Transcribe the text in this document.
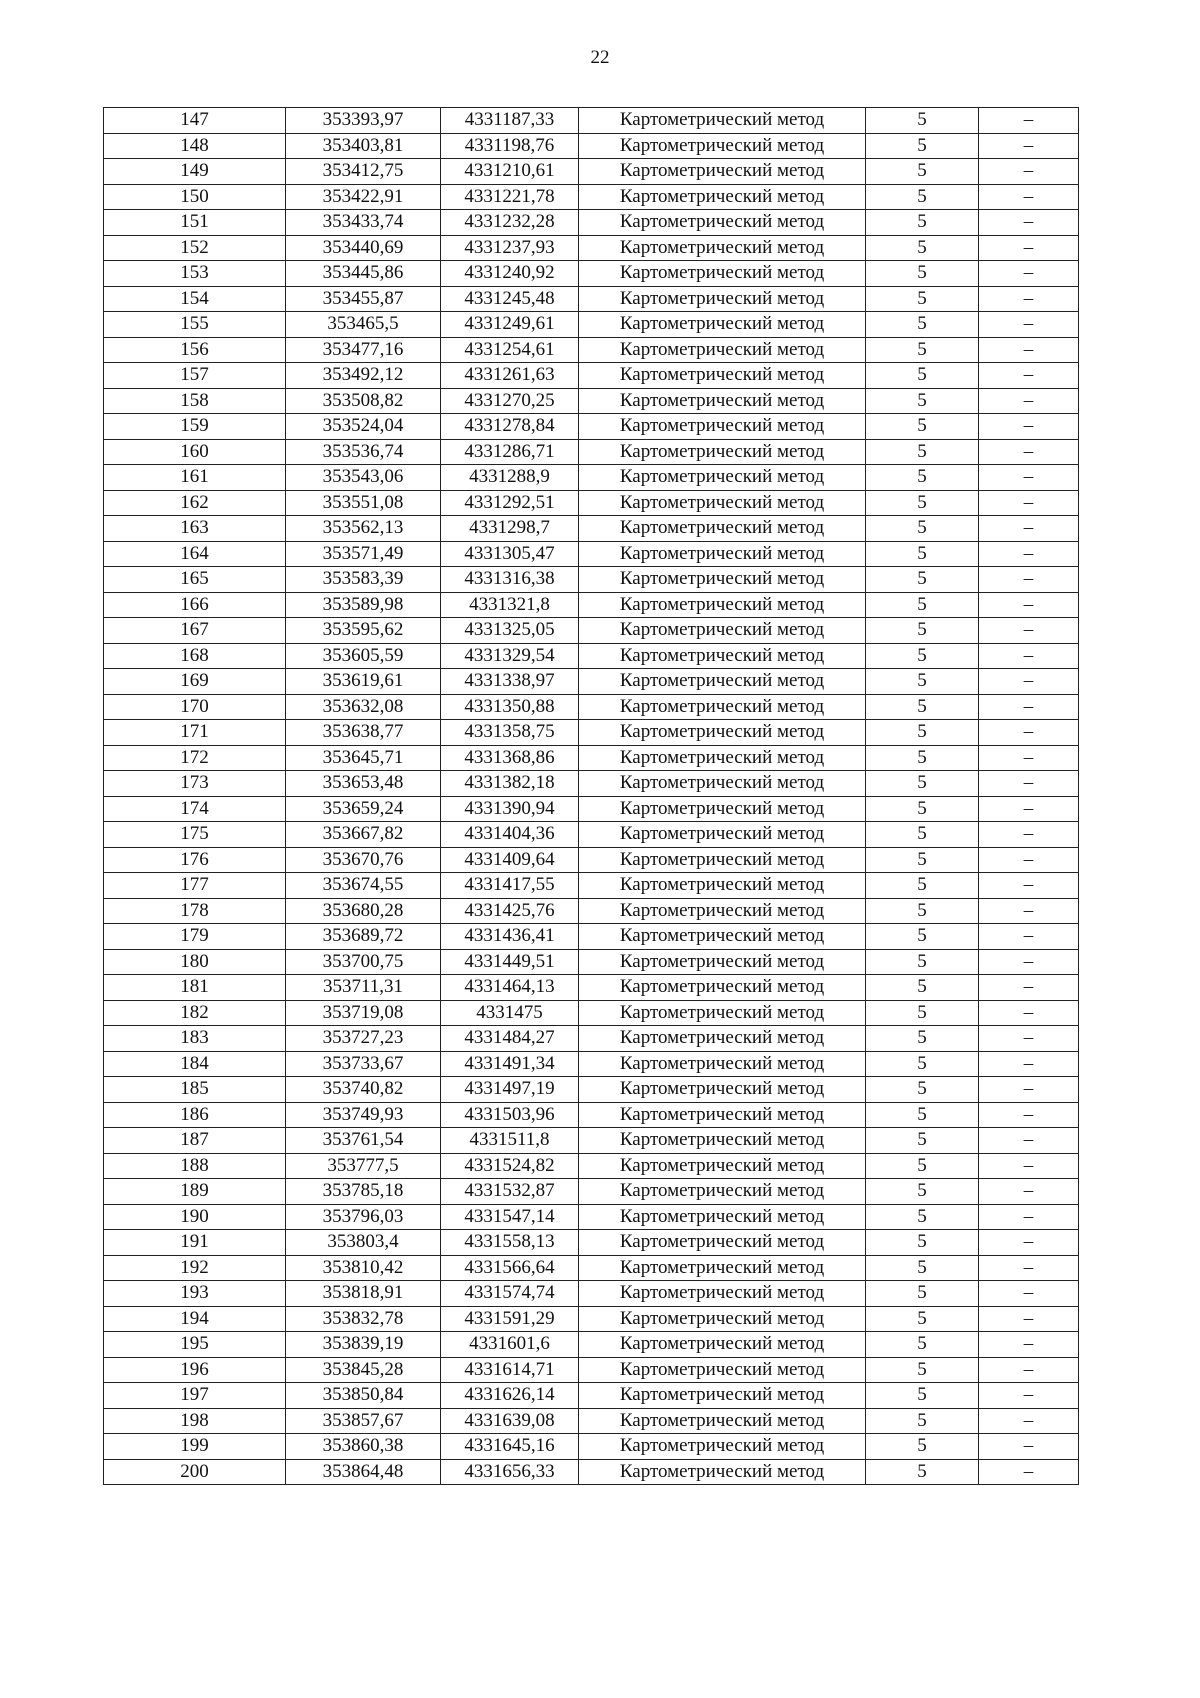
22
147	353393,97	4331187,33	Картометрический метод	5	–
148	353403,81	4331198,76	Картометрический метод	5	–
149	353412,75	4331210,61	Картометрический метод	5	–
150	353422,91	4331221,78	Картометрический метод	5	–
151	353433,74	4331232,28	Картометрический метод	5	–
152	353440,69	4331237,93	Картометрический метод	5	–
153	353445,86	4331240,92	Картометрический метод	5	–
154	353455,87	4331245,48	Картометрический метод	5	–
155	353465,5	4331249,61	Картометрический метод	5	–
156	353477,16	4331254,61	Картометрический метод	5	–
157	353492,12	4331261,63	Картометрический метод	5	–
158	353508,82	4331270,25	Картометрический метод	5	–
159	353524,04	4331278,84	Картометрический метод	5	–
160	353536,74	4331286,71	Картометрический метод	5	–
161	353543,06	4331288,9	Картометрический метод	5	–
162	353551,08	4331292,51	Картометрический метод	5	–
163	353562,13	4331298,7	Картометрический метод	5	–
164	353571,49	4331305,47	Картометрический метод	5	–
165	353583,39	4331316,38	Картометрический метод	5	–
166	353589,98	4331321,8	Картометрический метод	5	–
167	353595,62	4331325,05	Картометрический метод	5	–
168	353605,59	4331329,54	Картометрический метод	5	–
169	353619,61	4331338,97	Картометрический метод	5	–
170	353632,08	4331350,88	Картометрический метод	5	–
171	353638,77	4331358,75	Картометрический метод	5	–
172	353645,71	4331368,86	Картометрический метод	5	–
173	353653,48	4331382,18	Картометрический метод	5	–
174	353659,24	4331390,94	Картометрический метод	5	–
175	353667,82	4331404,36	Картометрический метод	5	–
176	353670,76	4331409,64	Картометрический метод	5	–
177	353674,55	4331417,55	Картометрический метод	5	–
178	353680,28	4331425,76	Картометрический метод	5	–
179	353689,72	4331436,41	Картометрический метод	5	–
180	353700,75	4331449,51	Картометрический метод	5	–
181	353711,31	4331464,13	Картометрический метод	5	–
182	353719,08	4331475	Картометрический метод	5	–
183	353727,23	4331484,27	Картометрический метод	5	–
184	353733,67	4331491,34	Картометрический метод	5	–
185	353740,82	4331497,19	Картометрический метод	5	–
186	353749,93	4331503,96	Картометрический метод	5	–
187	353761,54	4331511,8	Картометрический метод	5	–
188	353777,5	4331524,82	Картометрический метод	5	–
189	353785,18	4331532,87	Картометрический метод	5	–
190	353796,03	4331547,14	Картометрический метод	5	–
191	353803,4	4331558,13	Картометрический метод	5	–
192	353810,42	4331566,64	Картометрический метод	5	–
193	353818,91	4331574,74	Картометрический метод	5	–
194	353832,78	4331591,29	Картометрический метод	5	–
195	353839,19	4331601,6	Картометрический метод	5	–
196	353845,28	4331614,71	Картометрический метод	5	–
197	353850,84	4331626,14	Картометрический метод	5	–
198	353857,67	4331639,08	Картометрический метод	5	–
199	353860,38	4331645,16	Картометрический метод	5	–
200	353864,48	4331656,33	Картометрический метод	5	–
